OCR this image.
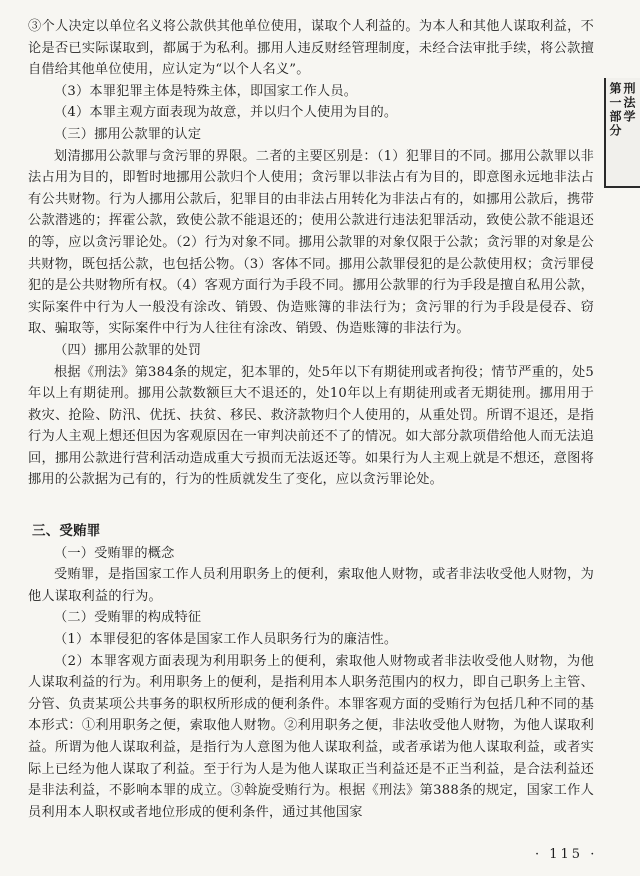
第一部分 刑法学

③个人决定以单位名义将公款供其他单位使用，谋取个人利益的。为本人和其他人谋取利益，不论是否已实际谋取到，都属于为私利。挪用人违反财经管理制度，未经合法审批手续，将公款擅自借给其他单位使用，应认定为“以个人名义”。

（3）本罪犯罪主体是特殊主体，即国家工作人员。

（4）本罪主观方面表现为故意，并以归个人使用为目的。

（三）挪用公款罪的认定

划清挪用公款罪与贪污罪的界限。二者的主要区别是：（1）犯罪目的不同。挪用公款罪以非法占用为目的，即暂时地挪用公款归个人使用；贪污罪以非法占有为目的，即意图永远地非法占有公共财物。行为人挪用公款后，犯罪目的由非法占用转化为非法占有的，如挪用公款后，携带公款潜逃的；挥霍公款，致使公款不能退还的；使用公款进行违法犯罪活动，致使公款不能退还的等，应以贪污罪论处。（2）行为对象不同。挪用公款罪的对象仅限于公款；贪污罪的对象是公共财物，既包括公款，也包括公物。（3）客体不同。挪用公款罪侵犯的是公款使用权；贪污罪侵犯的是公共财物所有权。（4）客观方面行为手段不同。挪用公款罪的行为手段是擅自私用公款，实际案件中行为人一般没有涂改、销毁、伪造账簿的非法行为；贪污罪的行为手段是侵吞、窃取、骗取等，实际案件中行为人往往有涂改、销毁、伪造账簿的非法行为。

（四）挪用公款罪的处罚

根据《刑法》第384条的规定，犯本罪的，处5年以下有期徒刑或者拘役；情节严重的，处5年以上有期徒刑。挪用公款数额巨大不退还的，处10年以上有期徒刑或者无期徒刑。挪用用于救灾、抢险、防汛、优抚、扶贫、移民、救济款物归个人使用的，从重处罚。所谓不退还，是指行为人主观上想还但因为客观原因在一审判决前还不了的情况。如大部分款项借给他人而无法追回，挪用公款进行营利活动造成重大亏损而无法返还等。如果行为人主观上就是不想还，意图将挪用的公款据为己有的，行为的性质就发生了变化，应以贪污罪论处。

三、受贿罪

（一）受贿罪的概念

受贿罪，是指国家工作人员利用职务上的便利，索取他人财物，或者非法收受他人财物，为他人谋取利益的行为。

（二）受贿罪的构成特征

（1）本罪侵犯的客体是国家工作人员职务行为的廉洁性。

（2）本罪客观方面表现为利用职务上的便利，索取他人财物或者非法收受他人财物，为他人谋取利益的行为。利用职务上的便利，是指利用本人职务范围内的权力，即自己职务上主管、分管、负责某项公共事务的职权所形成的便利条件。本罪客观方面的受贿行为包括几种不同的基本形式：①利用职务之便，索取他人财物。②利用职务之便，非法收受他人财物，为他人谋取利益。所谓为他人谋取利益，是指行为人意图为他人谋取利益，或者承诺为他人谋取利益，或者实际上已经为他人谋取了利益。至于行为人是为他人谋取正当利益还是不正当利益，是合法利益还是非法利益，不影响本罪的成立。③斡旋受贿行为。根据《刑法》第388条的规定，国家工作人员利用本人职权或者地位形成的便利条件，通过其他国家

· 115 ·
